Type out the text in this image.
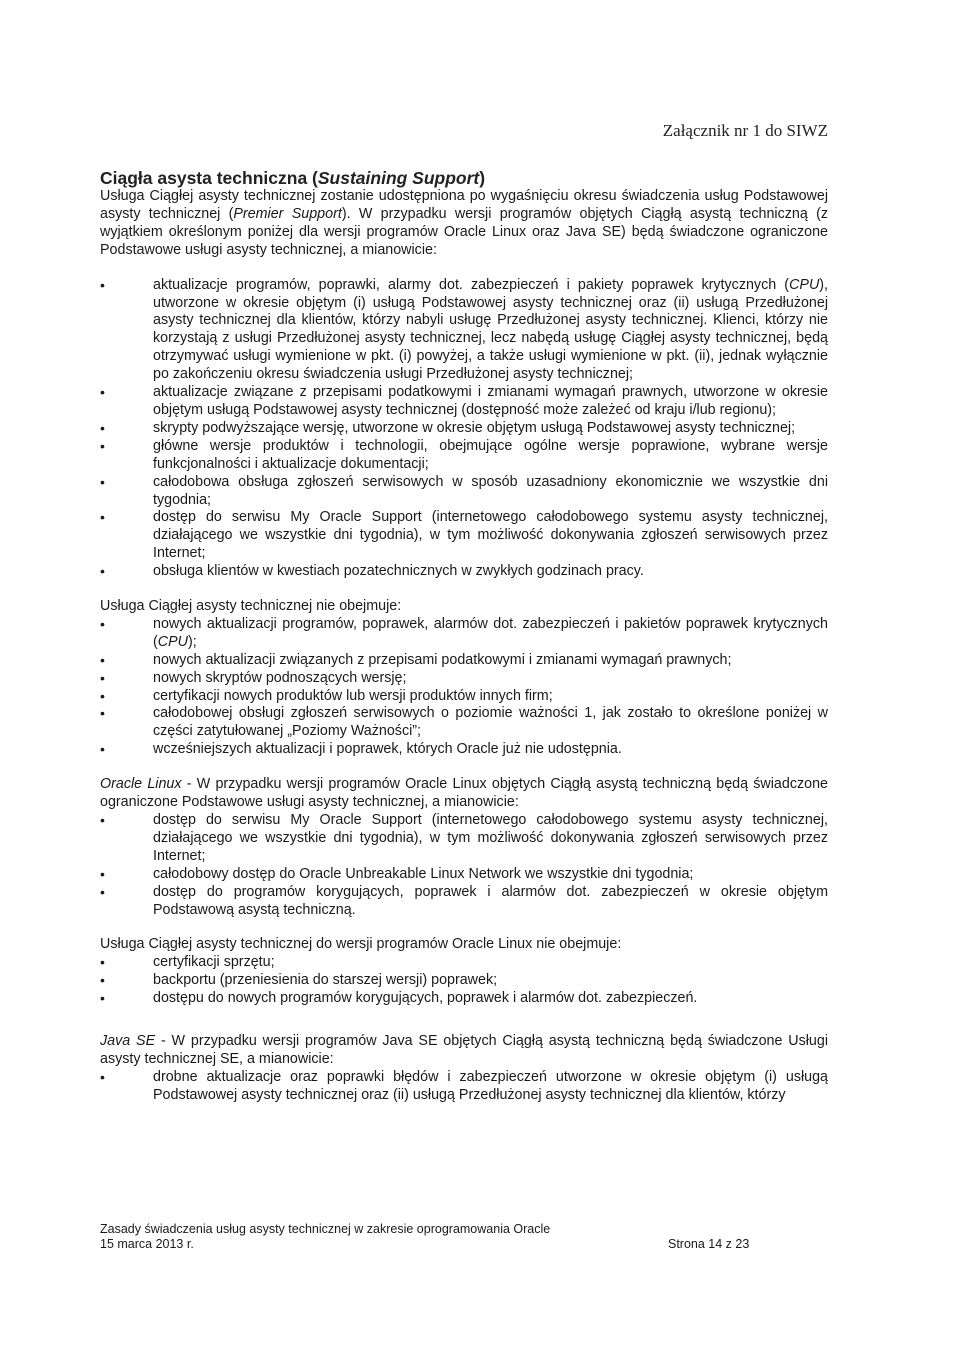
Załącznik nr 1 do SIWZ
Ciągła asysta techniczna (Sustaining Support)

Usługa Ciągłej asysty technicznej zostanie udostępniona po wygaśnięciu okresu świadczenia usług Podstawowej asysty technicznej (Premier Support). W przypadku wersji programów objętych Ciągłą asystą techniczną (z wyjątkiem określonym poniżej dla wersji programów Oracle Linux oraz Java SE) będą świadczone ograniczone Podstawowe usługi asysty technicznej, a mianowicie:

• aktualizacje programów, poprawki, alarmy dot. zabezpieczeń i pakiety poprawek krytycznych (CPU), utworzone w okresie objętym (i) usługą Podstawowej asysty technicznej oraz (ii) usługą Przedłużonej asysty technicznej dla klientów, którzy nabyli usługę Przedłużonej asysty technicznej. Klienci, którzy nie korzystają z usługi Przedłużonej asysty technicznej, lecz nabędą usługę Ciągłej asysty technicznej, będą otrzymywać usługi wymienione w pkt. (i) powyżej, a także usługi wymienione w pkt. (ii), jednak wyłącznie po zakończeniu okresu świadczenia usługi Przedłużonej asysty technicznej;
• aktualizacje związane z przepisami podatkowymi i zmianami wymagań prawnych, utworzone w okresie objętym usługą Podstawowej asysty technicznej (dostępność może zależeć od kraju i/lub regionu);
• skrypty podwyższające wersję, utworzone w okresie objętym usługą Podstawowej asysty technicznej;
• główne wersje produktów i technologii, obejmujące ogólne wersje poprawione, wybrane wersje funkcjonalności i aktualizacje dokumentacji;
• całodobowa obsługa zgłoszeń serwisowych w sposób uzasadniony ekonomicznie we wszystkie dni tygodnia;
• dostęp do serwisu My Oracle Support (internetowego całodobowego systemu asysty technicznej, działającego we wszystkie dni tygodnia), w tym możliwość dokonywania zgłoszeń serwisowych przez Internet;
• obsługa klientów w kwestiach pozatechnicznych w zwykłych godzinach pracy.

Usługa Ciągłej asysty technicznej nie obejmuje:

• nowych aktualizacji programów, poprawek, alarmów dot. zabezpieczeń i pakietów poprawek krytycznych (CPU);
• nowych aktualizacji związanych z przepisami podatkowymi i zmianami wymagań prawnych;
• nowych skryptów podnoszących wersję;
• certyfikacji nowych produktów lub wersji produktów innych firm;
• całodobowej obsługi zgłoszeń serwisowych o poziomie ważności 1, jak zostało to określone poniżej w części zatytułowanej „Poziomy Ważności”;
• wcześniejszych aktualizacji i poprawek, których Oracle już nie udostępnia.

Oracle Linux - W przypadku wersji programów Oracle Linux objętych Ciągłą asystą techniczną będą świadczone ograniczone Podstawowe usługi asysty technicznej, a mianowicie:

• dostęp do serwisu My Oracle Support (internetowego całodobowego systemu asysty technicznej, działającego we wszystkie dni tygodnia), w tym możliwość dokonywania zgłoszeń serwisowych przez Internet;
• całodobowy dostęp do Oracle Unbreakable Linux Network we wszystkie dni tygodnia;
• dostęp do programów korygujących, poprawek i alarmów dot. zabezpieczeń w okresie objętym Podstawową asystą techniczną.

Usługa Ciągłej asysty technicznej do wersji programów Oracle Linux nie obejmuje:

• certyfikacji sprzętu;
• backportu (przeniesienia do starszej wersji) poprawek;
• dostępu do nowych programów korygujących, poprawek i alarmów dot. zabezpieczeń.

Java SE - W przypadku wersji programów Java SE objętych Ciągłą asystą techniczną będą świadczone Usługi asysty technicznej SE, a mianowicie:

• drobne aktualizacje oraz poprawki błędów i zabezpieczeń utworzone w okresie objętym (i) usługą Podstawowej asysty technicznej oraz (ii) usługą Przedłużonej asysty technicznej dla klientów, którzy
Zasady świadczenia usług asysty technicznej w zakresie oprogramowania Oracle
15 marca 2013 r.	Strona 14 z 23
